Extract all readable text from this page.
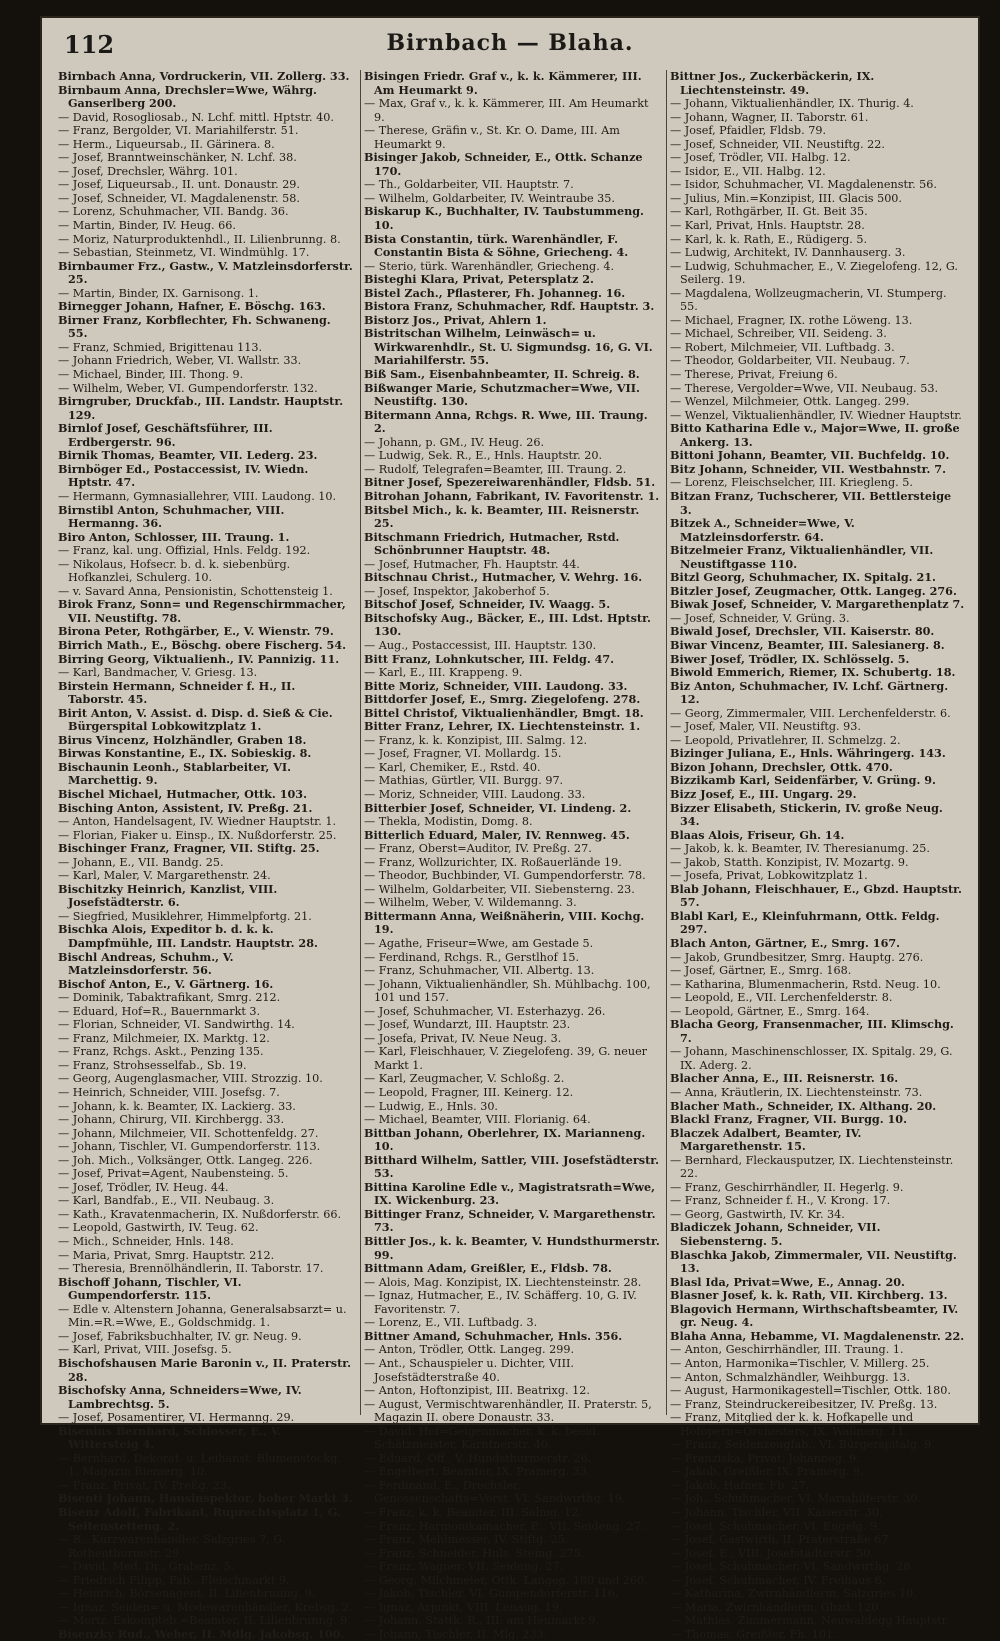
112	Birnbach — Blaha.
Birnbach Anna, Vordruckerin, VII. Zollerg. 33.
Birnbaum Anna, Drechsler=Wwe, Währg. Ganserlberg 200.
— David, Rosogliosab., N. Lchf. mittl. Hptstr. 40.
— Franz, Bergolder, VI. Mariahilferstr. 51.
— Herm., Liqueursab., II. Gärinera. 8.
— Josef, Branntweinschänker, N. Lchf. 38.
— Josef, Drechsler, Währg. 101.
— Josef, Liqueursab., II. unt. Donaustr. 29.
— Josef, Schneider, VI. Magdalenenstr. 58.
— Lorenz, Schuhmacher, VII. Bandg. 36.
— Martin, Binder, IV. Heug. 66.
— Moriz, Naturproduktenhdl., II. Lilienbrunng. 8.
— Sebastian, Steinmetz, VI. Windmühlg. 17.
Birnbaumer Frz., Gastw., V. Matzleinsdorferstr. 25.
— Martin, Binder, IX. Garnisong. 1.
Birnegger Johann, Hafner, E. Böschg. 163.
Birner Franz, Korbflechter, Fh. Schwaneng. 55.
— Franz, Schmied, Brigittenau 113.
— Johann Friedrich, Weber, VI. Wallstr. 33.
— Michael, Binder, III. Thong. 9.
— Wilhelm, Weber, VI. Gumpendorferstr. 132.
Birngruber, Druckfab., III. Landstr. Hauptstr. 129.
Birnlof Josef, Geschäftsführer, III. Erdbergerstr. 96.
Birnik Thomas, Beamter, VII. Lederg. 23.
Birnböger Ed., Postaccessist, IV. Wiedn. Hptstr. 47.
— Hermann, Gymnasiallehrer, VIII. Laudong. 10.
Birnstibl Anton, Schuhmacher, VIII. Hermanng. 36.
Biro Anton, Schlosser, III. Traung. 1.
— Franz, kal. ung. Offizial, Hnls. Feldg. 192.
— Nikolaus, Hofsecr. b. d. k. siebenbürg. Hofkanzlei, Schulerg. 10.
— v. Savard Anna, Pensionistin, Schottensteig 1.
Birok Franz, Sonn= und Regenschirmmacher, VII. Neustiftg. 78.
Birona Peter, Rothgärber, E., V. Wienstr. 79.
Birrich Math., E., Böschg. obere Fischerg. 54.
Birring Georg, Viktualienh., IV. Pannizig. 11.
— Karl, Bandmacher, V. Griesg. 13.
Birstein Hermann, Schneider f. H., II. Taborstr. 45.
Birit Anton, V. Assist. d. Disp. d. Sieß & Cie. Bürgerspital Lobkowitzplatz 1.
Birus Vincenz, Holzhändler, Graben 18.
Birwas Konstantine, E., IX. Sobieskig. 8.
Bischaunin Leonh., Stablarbeiter, VI. Marchettig. 9.
Bischel Michael, Hutmacher, Ottk. 103.
Bisching Anton, Assistent, IV. Preßg. 21.
— Anton, Handelsagent, IV. Wiedner Hauptstr. 1.
— Florian, Fiaker u. Einsp., IX. Nußdorferstr. 25.
Bischinger Franz, Fragner, VII. Stiftg. 25.
— Johann, E., VII. Bandg. 25.
— Karl, Maler, V. Margarethenstr. 24.
Bischitzky Heinrich, Kanzlist, VIII. Josefstädterstr. 6.
— Siegfried, Musiklehrer, Himmelpfortg. 21.
Bischka Alois, Expeditor b. d. k. k. Dampfmühle, III. Landstr. Hauptstr. 28.
Bischl Andreas, Schuhm., V. Matzleinsdorferstr. 56.
Bischof Anton, E., V. Gärtnerg. 16.
— Dominik, Tabaktrafikant, Smrg. 212.
— Eduard, Hof=R., Bauernmarkt 3.
— Florian, Schneider, VI. Sandwirthg. 14.
— Franz, Milchmeier, IX. Marktg. 12.
— Franz, Rchgs. Askt., Penzing 135.
— Franz, Strohsesselfab., Sb. 19.
— Georg, Augenglasmacher, VIII. Strozzig. 10.
— Heinrich, Schneider, VIII. Josefsg. 7.
— Johann, k. k. Beamter, IX. Lackierg. 33.
— Johann, Chirurg, VII. Kirchbergg. 33.
— Johann, Milchmeier, VII. Schottenfeldg. 27.
— Johann, Tischler, VI. Gumpendorferstr. 113.
— Joh. Mich., Volksänger, Ottk. Langeg. 226.
— Josef, Privat=Agent, Naubensteing. 5.
— Josef, Trödler, IV. Heug. 44.
— Karl, Bandfab., E., VII. Neubaug. 3.
— Kath., Kravatenmacherin, IX. Nußdorferstr. 66.
— Leopold, Gastwirth, IV. Teug. 62.
— Mich., Schneider, Hnls. 148.
— Maria, Privat, Smrg. Hauptstr. 212.
— Theresia, Brennölhändlerin, II. Taborstr. 17.
Bischoff Johann, Tischler, VI. Gumpendorferstr. 115.
— Edle v. Altenstern Johanna, Generalsabsarzt= u. Min.=R.=Wwe, E., Goldschmidg. 1.
— Josef, Fabriksbuchhalter, IV. gr. Neug. 9.
— Karl, Privat, VIII. Josefsg. 5.
Bischofshausen Marie Baronin v., II. Praterstr. 28.
Bischofsky Anna, Schneiders=Wwe, IV. Lambrechtsg. 5.
— Josef, Posamentirer, VI. Hermanng. 29.
Bisenius Bernhard, Schlosser, E., V. Wittersteig 4.
— Bernhard, Dekorat. u. Leihanst. Blumenstockg. 1. Magazin Riemerg. 10.
— Franz, Privat, IV. Preßg. 23.
Bisenti Johann, Hausinspektor, hoher Markt 3.
Bisenz Adolf, Fabrikant, Ruprechtsplatz 1, G. Seitenstetteng. 2.
— B., Kurzwarenhändler, Salzgries 7, G. Rothenthurmstr. 29.
— David, Med. Dr., Grabenz. 5.
— Friedrich Filipp, Fab., Fleischmarkt 9.
— Heinrich, Börsenagent, II. Lilienbrunng. 9.
— Ignaz, Seiden= u. Modewarenhändler, Krebsg. 2.
— Moriz, Eskompteb.=Beamter, II. Lilienbrunng. 9.
Bisenzky Rud., Weber, II. Mdlg. Jakobsg. 100.
Bisingen Friedr. Graf v., k. k. Kämmerer, III. Am Heumarkt 9.
— Max, Graf v., k. k. Kämmerer, III. Am Heumarkt 9.
— Therese, Gräfin v., St. Kr. O. Dame, III. Am Heumarkt 9.
Bisinger Jakob, Schneider, E., Ottk. Schanze 170.
— Th., Goldarbeiter, VII. Hauptstr. 7.
— Wilhelm, Goldarbeiter, IV. Weintraube 35.
Biskarup K., Buchhalter, IV. Taubstummeng. 10.
Bista Constantin, türk. Warenhändler, F. Constantin Bista & Söhne, Griecheng. 4.
— Sterio, türk. Warenhändler, Griecheng. 4.
Bisteghi Klara, Privat, Petersplatz 2.
Bistel Zach., Pflasterer, Fh. Johanneg. 16.
Bistora Franz, Schuhmacher, Rdf. Hauptstr. 3.
Bistorz Jos., Privat, Ahlern 1.
Bistritschan Wilhelm, Leinwäsch= u. Wirkwarenhdlr., St. U. Sigmundsg. 16, G. VI. Mariahilferstr. 55.
Biß Sam., Eisenbahnbeamter, II. Schreig. 8.
Bißwanger Marie, Schutzmacher=Wwe, VII. Neustiftg. 130.
Bitermann Anna, Rchgs. R. Wwe, III. Traung. 2.
— Johann, p. GM., IV. Heug. 26.
— Ludwig, Sek. R., E., Hnls. Hauptstr. 20.
— Rudolf, Telegrafen=Beamter, III. Traung. 2.
Bitner Josef, Spezereiwarenhändler, Fldsb. 51.
Bitrohan Johann, Fabrikant, IV. Favoritenstr. 1.
Bitsbel Mich., k. k. Beamter, III. Reisnerstr. 25.
Bitschmann Friedrich, Hutmacher, Rstd. Schönbrunner Hauptstr. 48.
— Josef, Hutmacher, Fh. Hauptstr. 44.
Bitschnau Christ., Hutmacher, V. Wehrg. 16.
— Josef, Inspektor, Jakoberhof 5.
Bitschof Josef, Schneider, IV. Waagg. 5.
Bitschofsky Aug., Bäcker, E., III. Ldst. Hptstr. 130.
— Aug., Postaccessist, III. Hauptstr. 130.
Bitt Franz, Lohnkutscher, III. Feldg. 47.
— Karl, E., III. Krappeng. 9.
Bitte Moriz, Schneider, VIII. Laudong. 33.
Bittdorfer Josef, E., Smrg. Ziegelofeng. 278.
Bittel Christof, Viktualienhändler, Bmgt. 18.
Bitter Franz, Lehrer, IX. Liechtensteinstr. 1.
— Franz, k. k. Konzipist, III. Salmg. 12.
— Josef, Fragner, VI. Mollardg. 15.
— Karl, Chemiker, E., Rstd. 40.
— Mathias, Gürtler, VII. Burgg. 97.
— Moriz, Schneider, VIII. Laudong. 33.
Bitterbier Josef, Schneider, VI. Lindeng. 2.
— Thekla, Modistin, Domg. 8.
Bitterlich Eduard, Maler, IV. Rennweg. 45.
— Franz, Oberst=Auditor, IV. Preßg. 27.
— Franz, Wollzurichter, IX. Roßauerlände 19.
— Theodor, Buchbinder, VI. Gumpendorferstr. 78.
— Wilhelm, Goldarbeiter, VII. Siebensterng. 23.
— Wilhelm, Weber, V. Wildemanng. 3.
Bittermann Anna, Weißnäherin, VIII. Kochg. 19.
— Agathe, Friseur=Wwe, am Gestade 5.
— Ferdinand, Rchgs. R., Gerstlhof 15.
— Franz, Schuhmacher, VII. Albertg. 13.
— Johann, Viktualienhändler, Sh. Mühlbachg. 100, 101 und 157.
— Josef, Schuhmacher, VI. Esterhazyg. 26.
— Josef, Wundarzt, III. Hauptstr. 23.
— Josefa, Privat, IV. Neue Neug. 3.
— Karl, Fleischhauer, V. Ziegelofeng. 39, G. neuer Markt 1.
— Karl, Zeugmacher, V. Schloßg. 2.
— Leopold, Fragner, III. Keinerg. 12.
— Ludwig, E., Hnls. 30.
— Michael, Beamter, VIII. Florianig. 64.
Bittban Johann, Oberlehrer, IX. Marianneng. 10.
Bitthard Wilhelm, Sattler, VIII. Josefstädterstr. 53.
Bittina Karoline Edle v., Magistratsrath=Wwe, IX. Wickenburg. 23.
Bittinger Franz, Schneider, V. Margarethenstr. 73.
Bittler Jos., k. k. Beamter, V. Hundsthurmerstr. 99.
Bittmann Adam, Greißler, E., Fldsb. 78.
— Alois, Mag. Konzipist, IX. Liechtensteinstr. 28.
— Ignaz, Hutmacher, E., IV. Schäfferg. 10, G. IV. Favoritenstr. 7.
— Lorenz, E., VII. Luftbadg. 3.
Bittner Amand, Schuhmacher, Hnls. 356.
— Anton, Trödler, Ottk. Langeg. 299.
— Ant., Schauspieler u. Dichter, VIII. Josefstädterstraße 40.
— Anton, Hoftonzipist, III. Beatrixg. 12.
— August, Vermischtwarenhändler, II. Praterstr. 5, Magazin II. obere Donaustr. 33.
— David, Hof=Geigenmacher, k. k. beeid. Schätzmeister, Kärntnerstr. 40.
— Eduard, Off., V. Hundsthurmerstr. 26.
— Engelbert, Beamter, IX. Pramerg. 33.
— Ferdinand, E., Drechsler, Genossenschafts=Vorst. VI. Sandwirthg. 19.
— Franz, k. k. Beamter, III. Salmg. 12.
— Franz, Harmonikamacher, E., VII. Seideng. 27.
— Franz, Mehlmesser, IV. Stiftg. 25.
— Franz, Schneider, Hnls. Steing. 275.
— Franz, Wagner, VII. Seideng. 27.
— Georg, Milchmeier, Ottk. Langeg. 180 und 260.
— Jakob, Tischler, VI. Gumpendorferstr. 116.
— Ignaz, Arjunkt, VIII. Lenaug. 19.
— Johann, Stattk. R., III. am Heumarkt 9.
— Johann, Tischler, II. Mlg. 233.
Bittner Jos., Zuckerbäckerin, IX. Liechtensteinstr. 49.
— Johann, Viktualienhändler, IX. Thurig. 4.
— Johann, Wagner, II. Taborstr. 61.
— Josef, Pfaidler, Fldsb. 79.
— Josef, Schneider, VII. Neustiftg. 22.
— Josef, Trödler, VII. Halbg. 12.
— Isidor, E., VII. Halbg. 12.
— Isidor, Schuhmacher, VI. Magdalenenstr. 56.
— Julius, Min.=Konzipist, III. Glacis 500.
— Karl, Rothgärber, II. Gt. Beit 35.
— Karl, Privat, Hnls. Hauptstr. 28.
— Karl, k. k. Rath, E., Rüdigerg. 5.
— Ludwig, Architekt, IV. Dannhauserg. 3.
— Ludwig, Schuhmacher, E., V. Ziegelofeng. 12, G. Seilerg. 19.
— Magdalena, Wollzeugmacherin, VI. Stumperg. 55.
— Michael, Fragner, IX. rothe Löweng. 13.
— Michael, Schreiber, VII. Seideng. 3.
— Robert, Milchmeier, VII. Luftbadg. 3.
— Theodor, Goldarbeiter, VII. Neubaug. 7.
— Therese, Privat, Freiung 6.
— Therese, Vergolder=Wwe, VII. Neubaug. 53.
— Wenzel, Milchmeier, Ottk. Langeg. 299.
— Wenzel, Viktualienhändler, IV. Wiedner Hauptstr.
Bitto Katharina Edle v., Major=Wwe, II. große Ankerg. 13.
Bittoni Johann, Beamter, VII. Buchfeldg. 10.
Bitz Johann, Schneider, VII. Westbahnstr. 7.
— Lorenz, Fleischselcher, III. Kriegleng. 5.
Bitzan Franz, Tuchscherer, VII. Bettlersteige 3.
Bitzek A., Schneider=Wwe, V. Matzleinsdorferstr. 64.
Bitzelmeier Franz, Viktualienhändler, VII. Neustiftgasse 110.
Bitzl Georg, Schuhmacher, IX. Spitalg. 21.
Bitzler Josef, Zeugmacher, Ottk. Langeg. 276.
Biwak Josef, Schneider, V. Margarethenplatz 7.
— Josef, Schneider, V. Grüng. 3.
Biwald Josef, Drechsler, VII. Kaiserstr. 80.
Biwar Vincenz, Beamter, III. Salesianerg. 8.
Biwer Josef, Trödler, IX. Schlösselg. 5.
Biwold Emmerich, Riemer, IX. Schubertg. 18.
Biz Anton, Schuhmacher, IV. Lchf. Gärtnerg. 12.
— Georg, Zimmermaler, VIII. Lerchenfelderstr. 6.
— Josef, Maler, VII. Neustiftg. 93.
— Leopold, Privatlehrer, II. Schmelzg. 2.
Bizinger Juliana, E., Hnls. Währingerg. 143.
Bizon Johann, Drechsler, Ottk. 470.
Bizzikamb Karl, Seidenfärber, V. Grüng. 9.
Bizz Josef, E., III. Ungarg. 29.
Bizzer Elisabeth, Stickerin, IV. große Neug. 34.
Blaas Alois, Friseur, Gh. 14.
— Jakob, k. k. Beamter, IV. Theresianumg. 25.
— Jakob, Statth. Konzipist, IV. Mozartg. 9.
— Josefa, Privat, Lobkowitzplatz 1.
Blab Johann, Fleischhauer, E., Gbzd. Hauptstr. 57.
Blabl Karl, E., Kleinfuhrmann, Ottk. Feldg. 297.
Blach Anton, Gärtner, E., Smrg. 167.
— Jakob, Grundbesitzer, Smrg. Hauptg. 276.
— Josef, Gärtner, E., Smrg. 168.
— Katharina, Blumenmacherin, Rstd. Neug. 10.
— Leopold, E., VII. Lerchenfelderstr. 8.
— Leopold, Gärtner, E., Smrg. 164.
Blacha Georg, Fransenmacher, III. Klimschg. 7.
— Johann, Maschinenschlosser, IX. Spitalg. 29, G. IX. Aderg. 2.
Blacher Anna, E., III. Reisnerstr. 16.
— Anna, Kräutlerin, IX. Liechtensteinstr. 73.
Blacher Math., Schneider, IX. Althang. 20.
Blackl Franz, Fragner, VII. Burgg. 10.
Blaczek Adalbert, Beamter, IV. Margarethenstr. 15.
— Bernhard, Fleckausputzer, IX. Liechtensteinstr. 22.
— Franz, Geschirrhändler, II. Hegerlg. 9.
— Franz, Schneider f. H., V. Krong. 17.
— Georg, Gastwirth, IV. Kr. 34.
Bladiczek Johann, Schneider, VII. Siebensterng. 5.
Blaschka Jakob, Zimmermaler, VII. Neustiftg. 13.
Blasl Ida, Privat=Wwe, E., Annag. 20.
Blasner Josef, k. k. Rath, VII. Kirchberg. 13.
Blagovich Hermann, Wirthschaftsbeamter, IV. gr. Neug. 4.
Blaha Anna, Hebamme, VI. Magdalenenstr. 22.
— Anton, Geschirrhändler, III. Traung. 1.
— Anton, Harmonika=Tischler, V. Millerg. 25.
— Anton, Schmalzhändler, Weihburgg. 13.
— August, Harmonikagestell=Tischler, Ottk. 180.
— Franz, Steindruckereibesitzer, IV. Preßg. 13.
— Franz, Mitglied der k. k. Hofkapelle und Hofopern=Orchesters, IX. Wallnerg. 11.
— Franz, Seidenzeugfab., VI. Bürgerspitalg. 9.
— Franziska, Privat, Johanneg. 9.
— Jakob, Greißler, IX. Pramerg. 9.
— Jakob, Hafner, Fb. 27.
— Joh., Schuhmacher, VI. Mariahilferstr. 30.
— Johann, Tischler, VII. Kaiserstr. 30.
— Josef, Schuhmacher, VI. Engelg. 9.
— Josef, Gastwirth, II. Praterstraße 67.
— Josef, E., VIII. Josefstädterstr. 50.
— Josef, Schuhmacher, VI. Sandwirthg. 28.
— Josef, Schuhmacher, IV. Freihaus 6.
— Katharina, Zwirnhändlerin, Salzgries 10.
— Maria, Zwirnhändlerin, Gbzd. 120.
— Mathias, Zimmermann, Neuwaldegg Hauptstr.
— Thomas, Greißler, Fh. 101.
